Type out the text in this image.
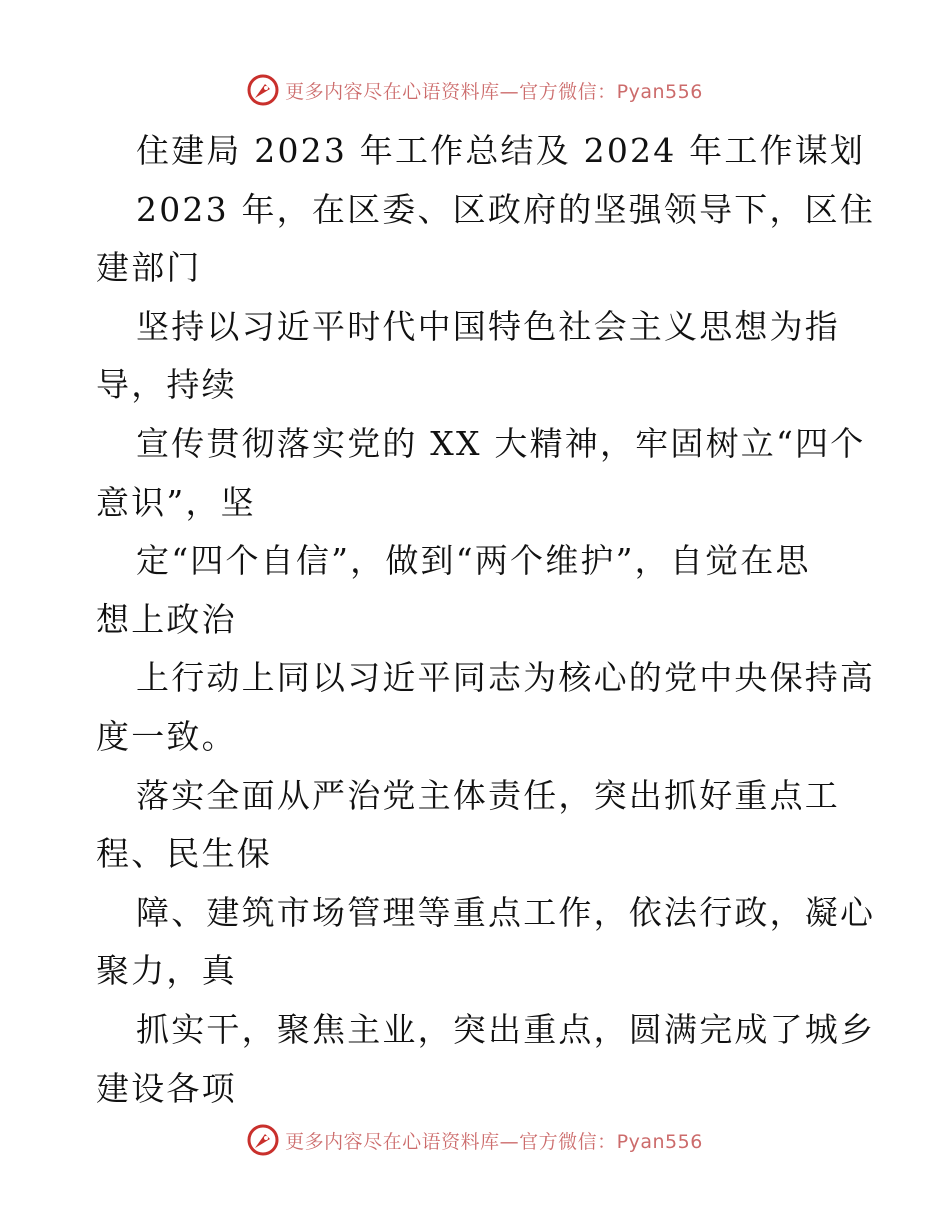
更多内容尽在心语资料库—官方微信：Pyan556
住建局 2023 年工作总结及 2024 年工作谋划
2023 年，在区委、区政府的坚强领导下，区住
建部门
坚持以习近平时代中国特色社会主义思想为指
导，持续
宣传贯彻落实党的 XX 大精神，牢固树立“四个
意识”，坚
定“四个自信”，做到“两个维护”，自觉在思
想上政治
上行动上同以习近平同志为核心的党中央保持高
度一致。
落实全面从严治党主体责任，突出抓好重点工
程、民生保
障、建筑市场管理等重点工作，依法行政，凝心
聚力，真
抓实干，聚焦主业，突出重点，圆满完成了城乡
建设各项
更多内容尽在心语资料库—官方微信：Pyan556
